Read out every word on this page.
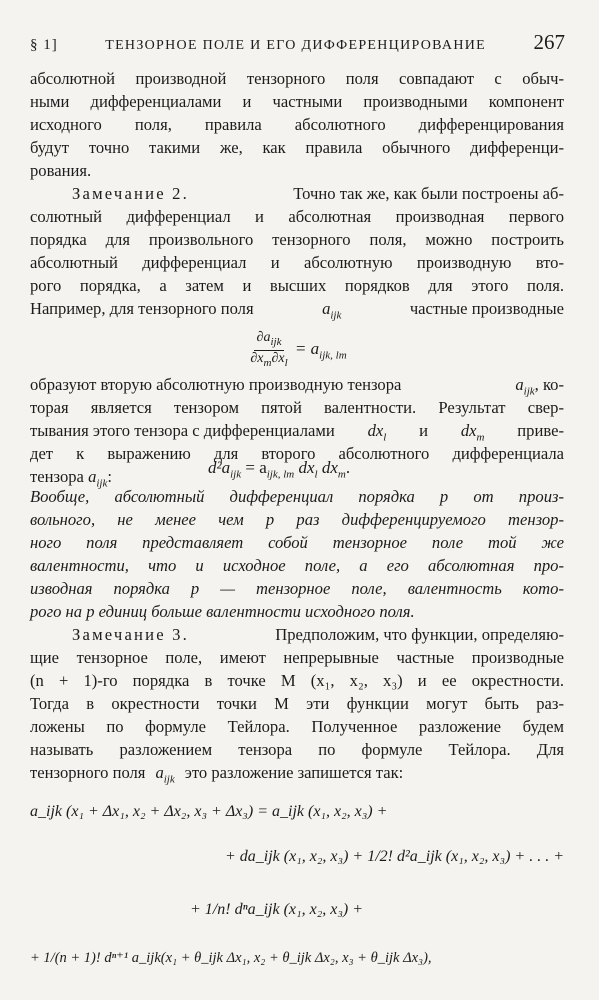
§ 1]	ТЕНЗОРНОЕ ПОЛЕ И ЕГО ДИФФЕРЕНЦИРОВАНИЕ 267
абсолютной производной тензорного поля совпадают с обыч-
ными дифференциалами и частными производными компонент
исходного поля, правила абсолютного дифференцирования
будут точно такими же, как правила обычного дифференци-
рования.
Замечание 2.	Точно так же, как были построены аб-
солютный дифференциал и абсолютная производная первого
порядка для произвольного тензорного поля, можно построить
абсолютный дифференциал и абсолютную производную вто-
рого порядка, а затем и высших порядков для этого поля.
Например, для тензорного поля	$a_{ijk}$	частные производные
$\frac{\partial a_{ijk}}{\partial x_m\partial x_l} = a_{ijk, lm}$
образуют вторую абсолютную производную тензора	$a_{ijk}$, ко-
торая является тензором пятой валентности. Результат свер-
тывания этого тензора с дифференциалами $dx_l$ и $dx_m$ приве-
дет к выражению для второго абсолютного дифференциала
тензора $a_{ijk}$:	$d^2a_{ijk} = a_{ijk, lm}$ $dx_l$ $dx_m$.
Вообще, абсолютный дифференциал порядка p от произ-
вольного, не менее чем p раз дифференцируемого тензор-
ного поля представляет собой тензорное поле той же
валентности, что и исходное поле, а его абсолютная про-
изводная порядка p — тензорное поле, валентность кото-
рого на p единиц больше валентности исходного поля.
Замечание 3.	Предположим, что функции, определяю-
щие тензорное поле, имеют непрерывные частные производные
(n + 1)-го порядка в точке M (x₁, x₂, x₃) и ее окрестности.
Тогда в окрестности точки M эти функции могут быть раз-
ложены по формуле Тейлора. Полученное разложение будем
называть разложением тензора по формуле Тейлора. Для
тензорного поля $a_{ijk}$ это разложение запишется так:
a_ijk (x₁ + Δx₁, x₂ + Δx₂, x₃ + Δx₃) = a_ijk (x₁, x₂, x₃) +
+ da_ijk (x₁, x₂, x₃) + 1/2! d²a_ijk (x₁, x₂, x₃) + . . . +
+ 1/n! dⁿa_ijk (x₁, x₂, x₃) +
+ 1/(n + 1)! dⁿ⁺¹ a_ijk(x₁ + θ_ijk Δx₁, x₂ + θ_ijk Δx₂, x₃ + θ_ijk Δx₃),
